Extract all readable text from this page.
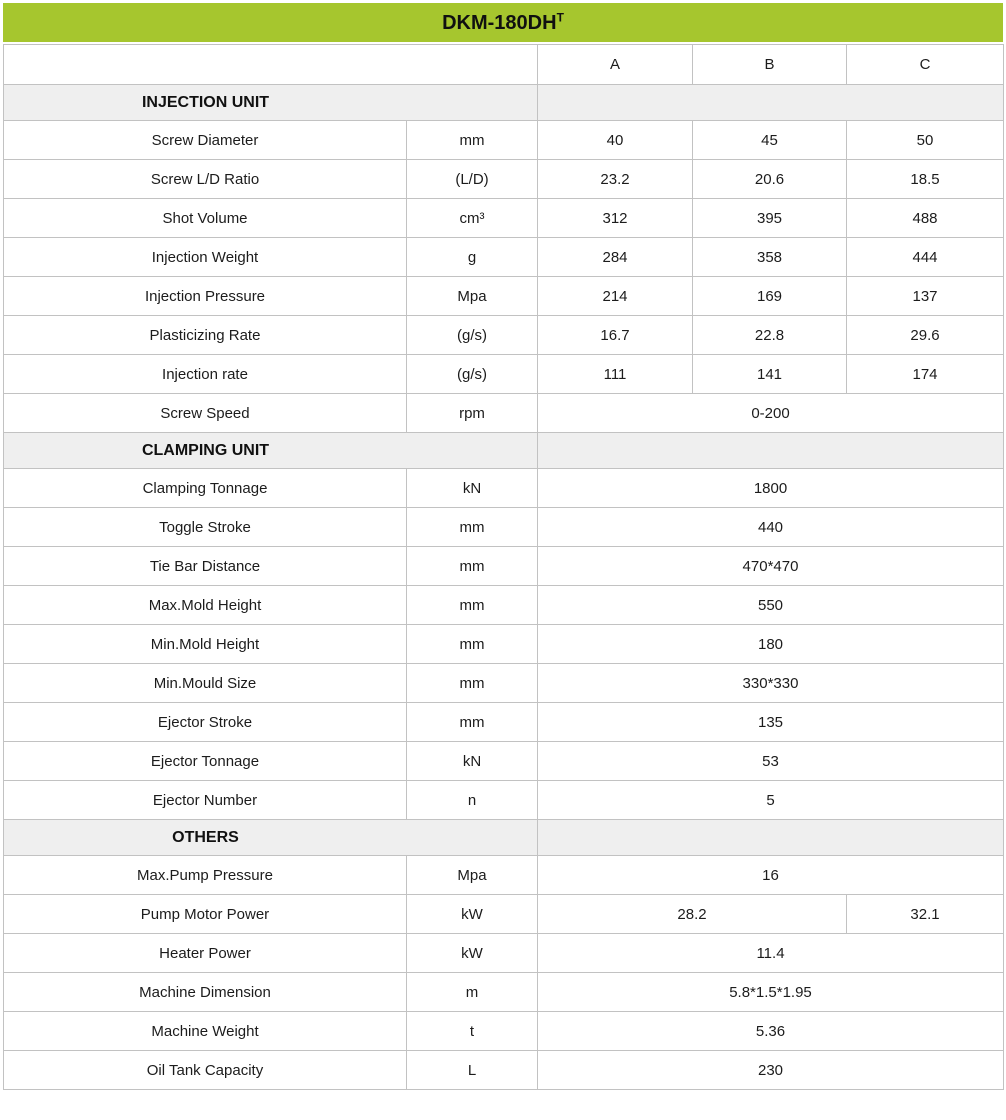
DKM-$180DH^T$
		A	B	C

INJECTION UNIT				

Screw Diameter	mm	40	45	50
Screw L/D Ratio	(L/D)	23.2	20.6	18.5
Shot Volume	cm³	312	395	488
Injection Weight	g	284	358	444
Injection Pressure	Mpa	214	169	137
Plasticizing Rate	(g/s)	16.7	22.8	29.6
Injection rate	(g/s)	111	141	174
Screw Speed	rpm	0-200		

CLAMPING UNIT				

Clamping Tonnage	kN	1800		
Toggle Stroke	mm	440		
Tie Bar Distance	mm	470*470		
Max.Mold Height	mm	550		
Min.Mold Height	mm	180		
Min.Mould Size	mm	330*330		
Ejector Stroke	mm	135		
Ejector Tonnage	kN	53		
Ejector Number	n	5		

OTHERS				

Max.Pump Pressure	Mpa	16		
Pump Motor Power	kW	28.2		32.1
Heater Power	kW	11.4		
Machine Dimension	m	5.8*1.5*1.95		
Machine Weight	t	5.36		
Oil Tank Capacity	L	230		
